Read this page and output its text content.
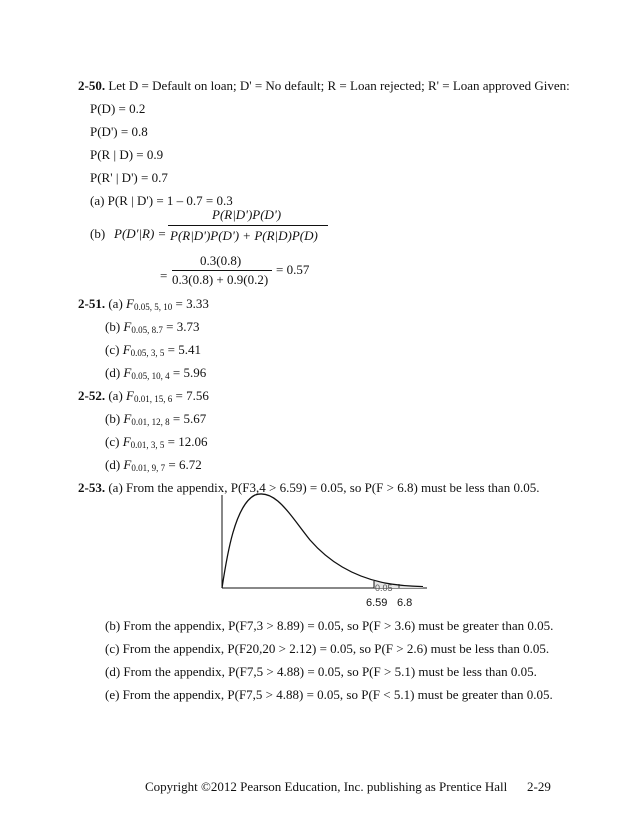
2-50. Let D = Default on loan; D' = No default; R = Loan rejected; R' = Loan approved Given:
P(D) = 0.2
P(D') = 0.8
P(R | D) = 0.9
P(R' | D') = 0.7
(a) P(R | D') = 1 – 0.7 = 0.3
(b) P(D'|R) =
P(R|D')P(D')
P(R|D')P(D') + P(R|D)P(D)
=
0.3(0.8)
0.3(0.8) + 0.9(0.2)
= 0.57
2-51. (a) $F_{0.05, 5, 10} = 3.33$
(b) $F_{0.05, 8.7} = 3.73$
(c) $F_{0.05, 3, 5} = 5.41$
(d) $F_{0.05, 10, 4} = 5.96$
2-52. (a) $F_{0.01, 15, 6} = 7.56$
(b) $F_{0.01, 12, 8} = 5.67$
(c) $F_{0.01, 3, 5} = 12.06$
(d) $F_{0.01, 9, 7} = 6.72$
2-53. (a) From the appendix, P(F3,4 > 6.59) = 0.05, so P(F > 6.8) must be less than 0.05.
0.05
6.59 6.8
(b) From the appendix, P(F7,3 > 8.89) = 0.05, so P(F > 3.6) must be greater than 0.05.
(c) From the appendix, P(F20,20 > 2.12) = 0.05, so P(F > 2.6) must be less than 0.05.
(d) From the appendix, P(F7,5 > 4.88) = 0.05, so P(F > 5.1) must be less than 0.05.
(e) From the appendix, P(F7,5 > 4.88) = 0.05, so P(F < 5.1) must be greater than 0.05.
Copyright ©2012 Pearson Education, Inc. publishing as Prentice Hall 2-29
